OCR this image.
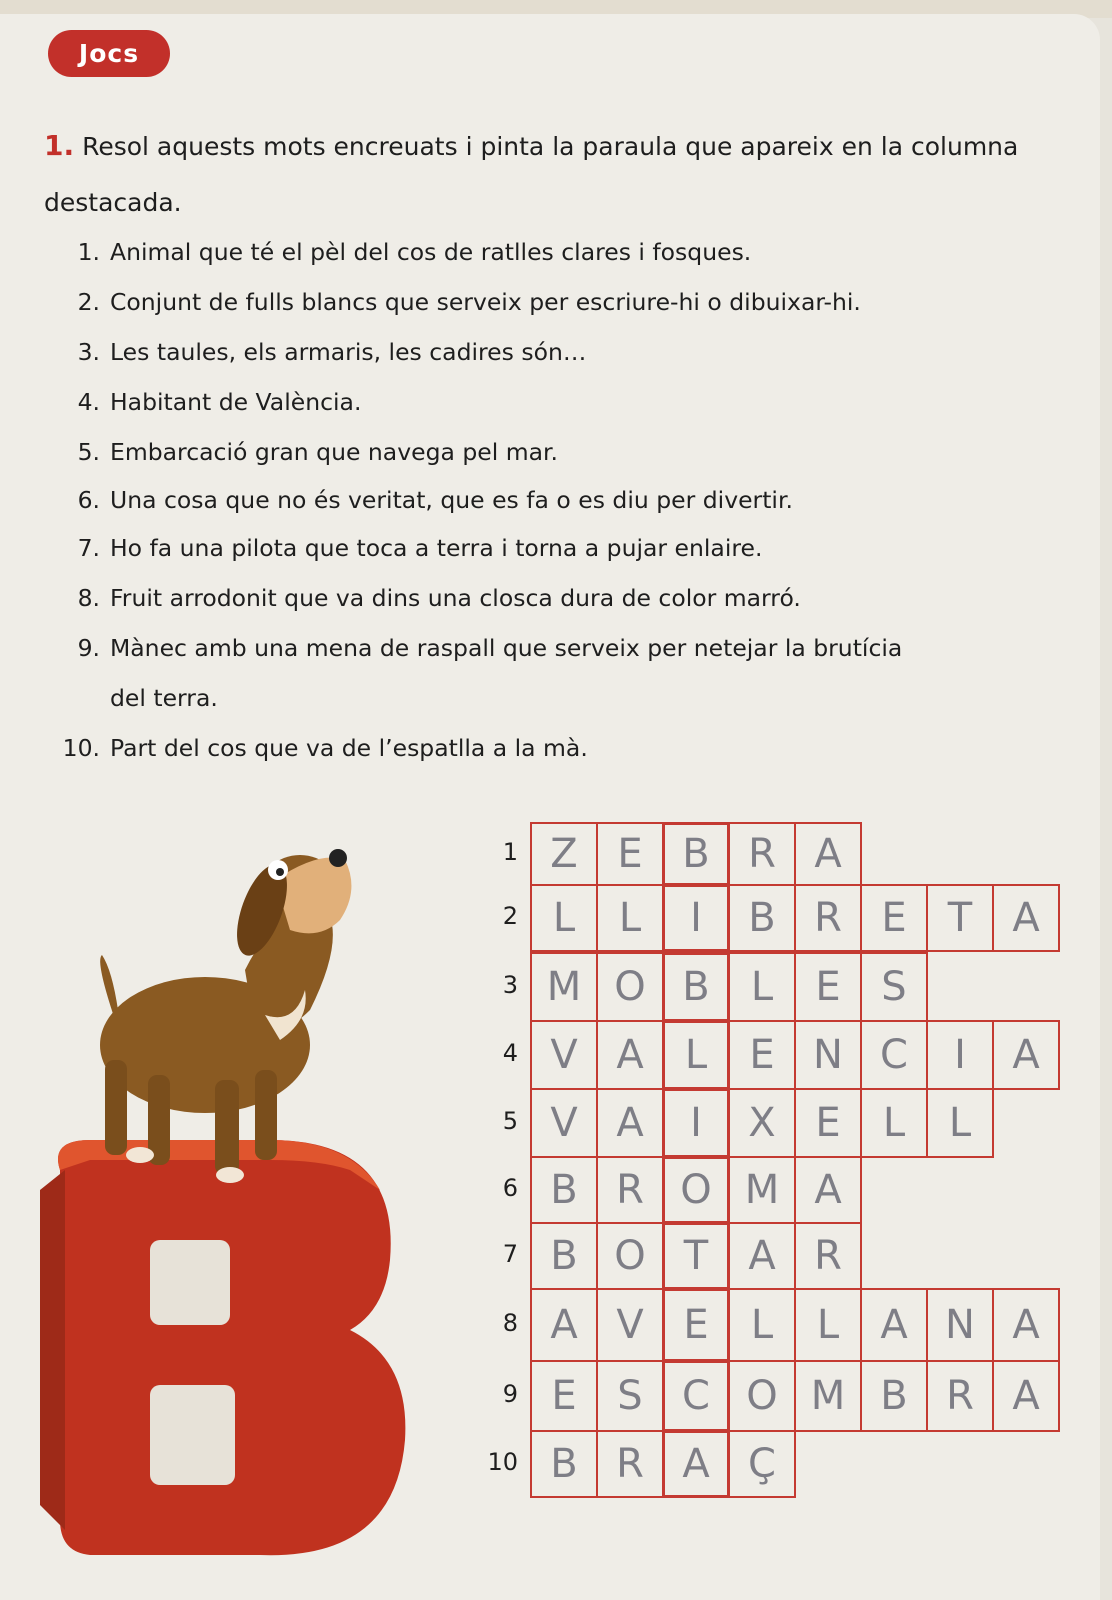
Jocs
1. Resol aquests mots encreuats i pinta la paraula que apareix en la columna destacada.
1. Animal que té el pèl del cos de ratlles clares i fosques.
2. Conjunt de fulls blancs que serveix per escriure-hi o dibuixar-hi.
3. Les taules, els armaris, les cadires són…
4. Habitant de València.
5. Embarcació gran que navega pel mar.
6. Una cosa que no és veritat, que es fa o es diu per divertir.
7. Ho fa una pilota que toca a terra i torna a pujar enlaire.
8. Fruit arrodonit que va dins una closca dura de color marró.
9. Mànec amb una mena de raspall que serveix per netejar la brutícia
del terra.
10. Part del cos que va de l’espatlla a la mà.
1 Z E B R A
2 L	L	I	B R E	T	A
3 M O B	L	E	S
4 V A	L	E N C	I	A
5 V A	I	X E	L	L
6 B R O M A
7 B O T	A R
8 A V E	L	L	A N A
9 E	S C O M B R A
10 B R A Ç
